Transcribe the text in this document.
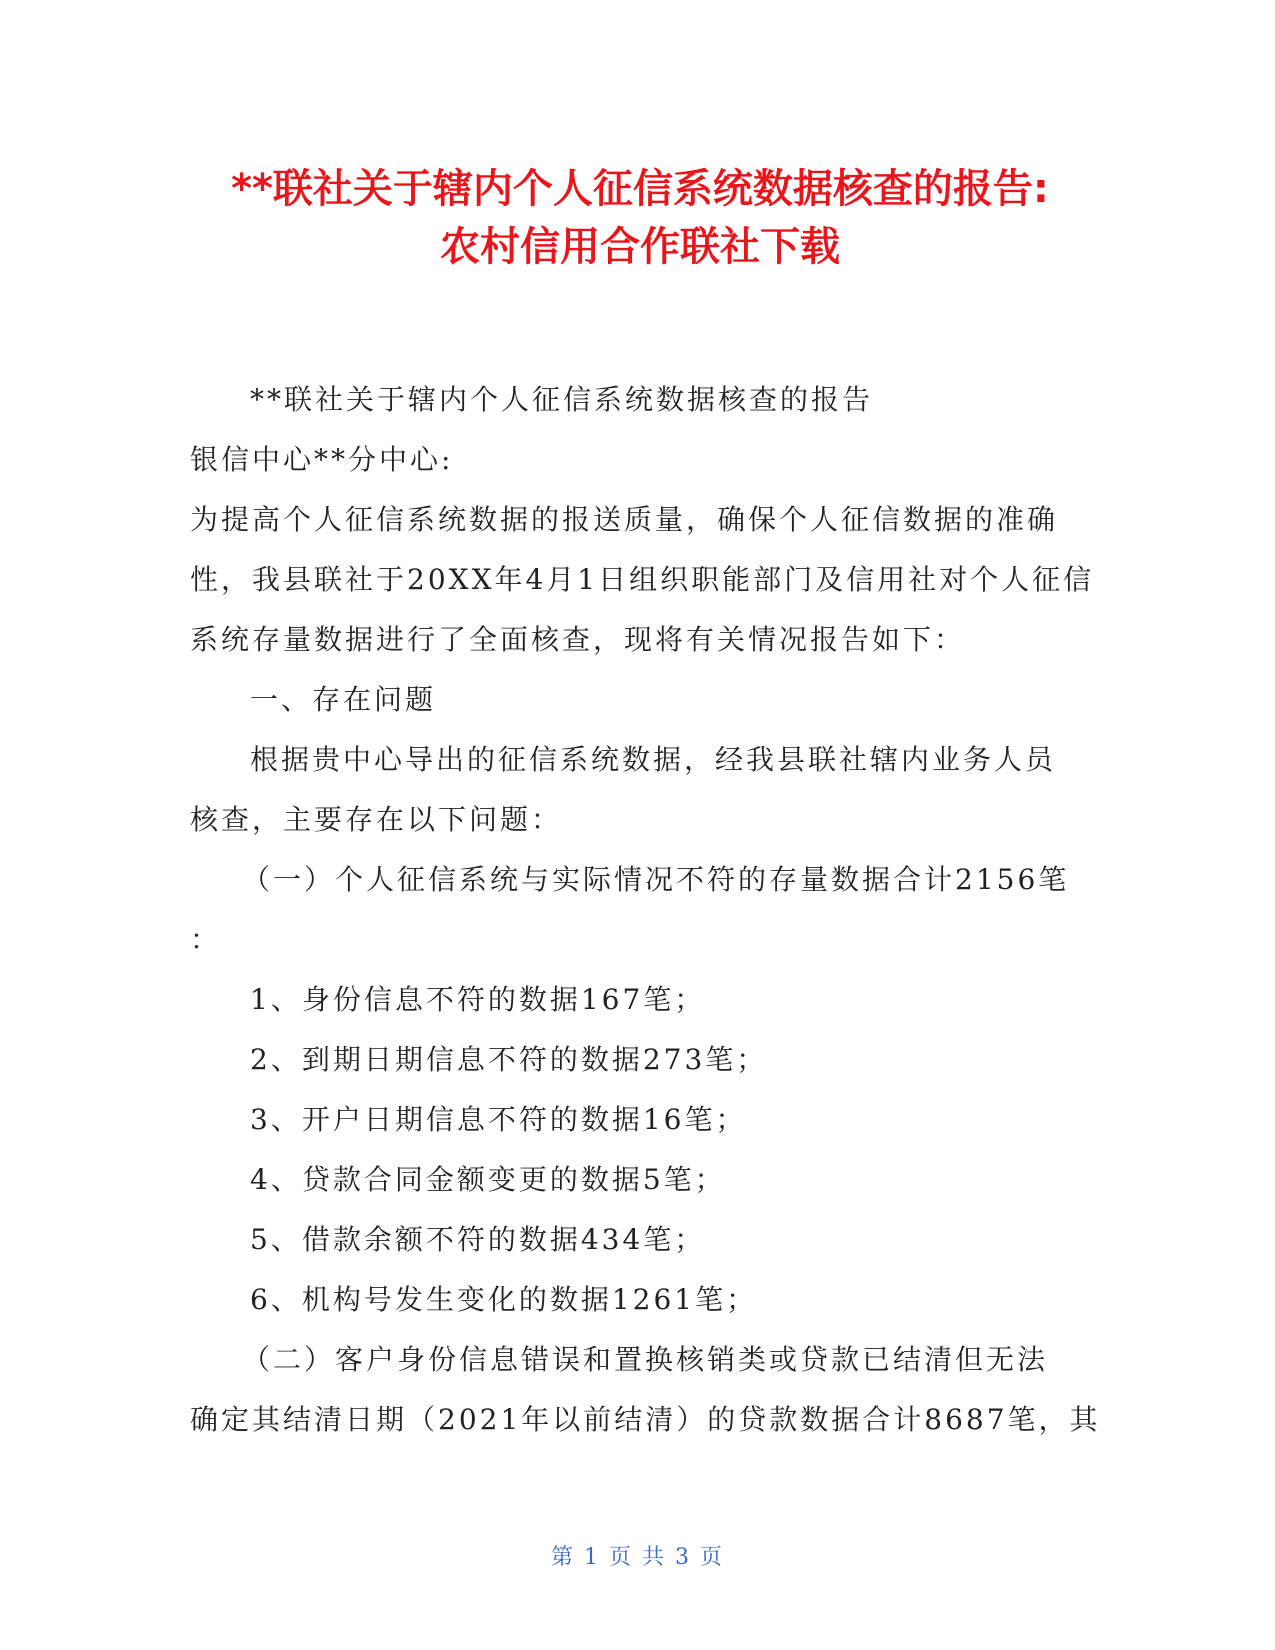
**联社关于辖内个人征信系统数据核查的报告:
农村信用合作联社下载
**联社关于辖内个人征信系统数据核查的报告
银信中心**分中心:
为提高个人征信系统数据的报送质量，确保个人征信数据的准确
性，我县联社于20XX年4月1日组织职能部门及信用社对个人征信
系统存量数据进行了全面核查，现将有关情况报告如下：
一、存在问题
根据贵中心导出的征信系统数据，经我县联社辖内业务人员
核查，主要存在以下问题：
（一）个人征信系统与实际情况不符的存量数据合计2156笔
：
1、身份信息不符的数据167笔；
2、到期日期信息不符的数据273笔；
3、开户日期信息不符的数据16笔；
4、贷款合同金额变更的数据5笔；
5、借款余额不符的数据434笔；
6、机构号发生变化的数据1261笔；
（二）客户身份信息错误和置换核销类或贷款已结清但无法
确定其结清日期（2021年以前结清）的贷款数据合计8687笔，其
第 1 页 共 3 页
